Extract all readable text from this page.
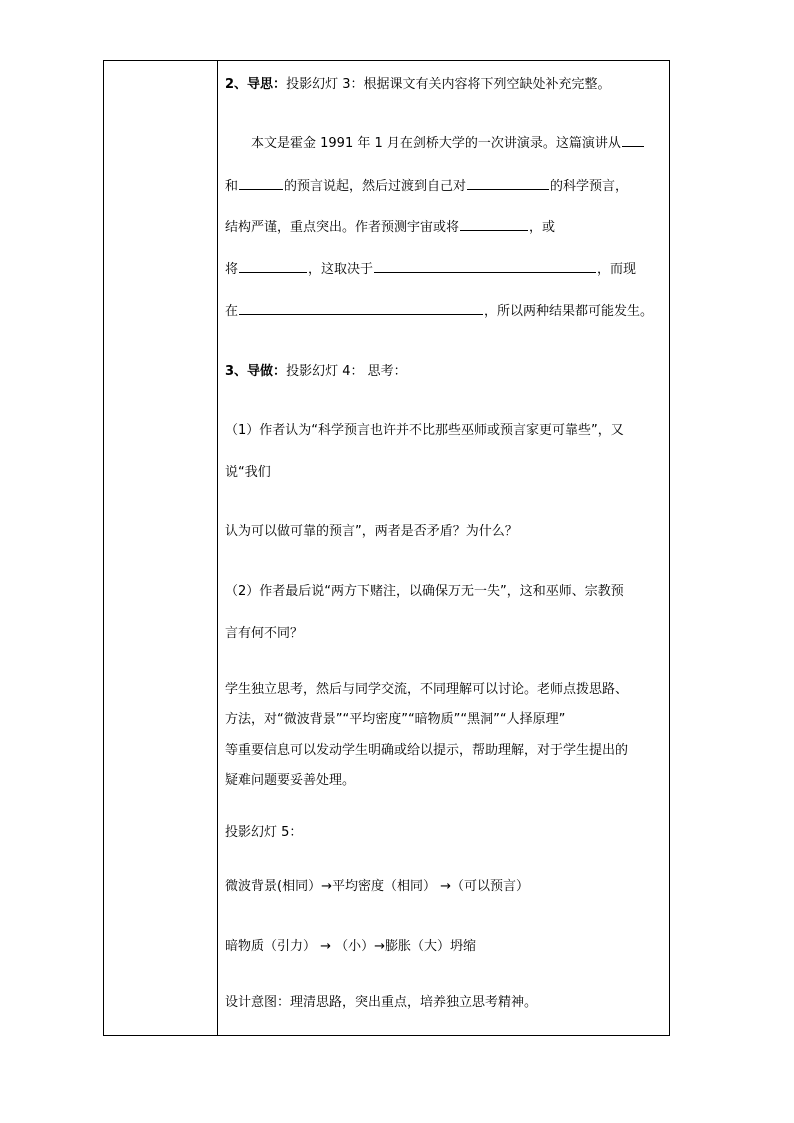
2、导思：投影幻灯 3：根据课文有关内容将下列空缺处补充完整。
本文是霍金 1991 年 1 月在剑桥大学的一次讲演录。这篇演讲从
和	的预言说起，然后过渡到自己对	的科学预言，
结构严谨，重点突出。作者预测宇宙或将	，或
将	，这取决于	，而现
在	，所以两种结果都可能发生。
3、导做：投影幻灯 4： 思考：
（1）作者认为“科学预言也许并不比那些巫师或预言家更可靠些”，又
说“我们
认为可以做可靠的预言”，两者是否矛盾？为什么？
（2）作者最后说“两方下赌注，以确保万无一失”，这和巫师、宗教预
言有何不同？
学生独立思考，然后与同学交流，不同理解可以讨论。老师点拨思路、
方法，对“微波背景”“平均密度”“暗物质”“黑洞”“人择原理”
等重要信息可以发动学生明确或给以提示，帮助理解，对于学生提出的
疑难问题要妥善处理。
投影幻灯 5：
微波背景(相同）→平均密度（相同） →（可以预言）
暗物质（引力） → （小）→膨胀（大）坍缩
设计意图：理清思路，突出重点，培养独立思考精神。
